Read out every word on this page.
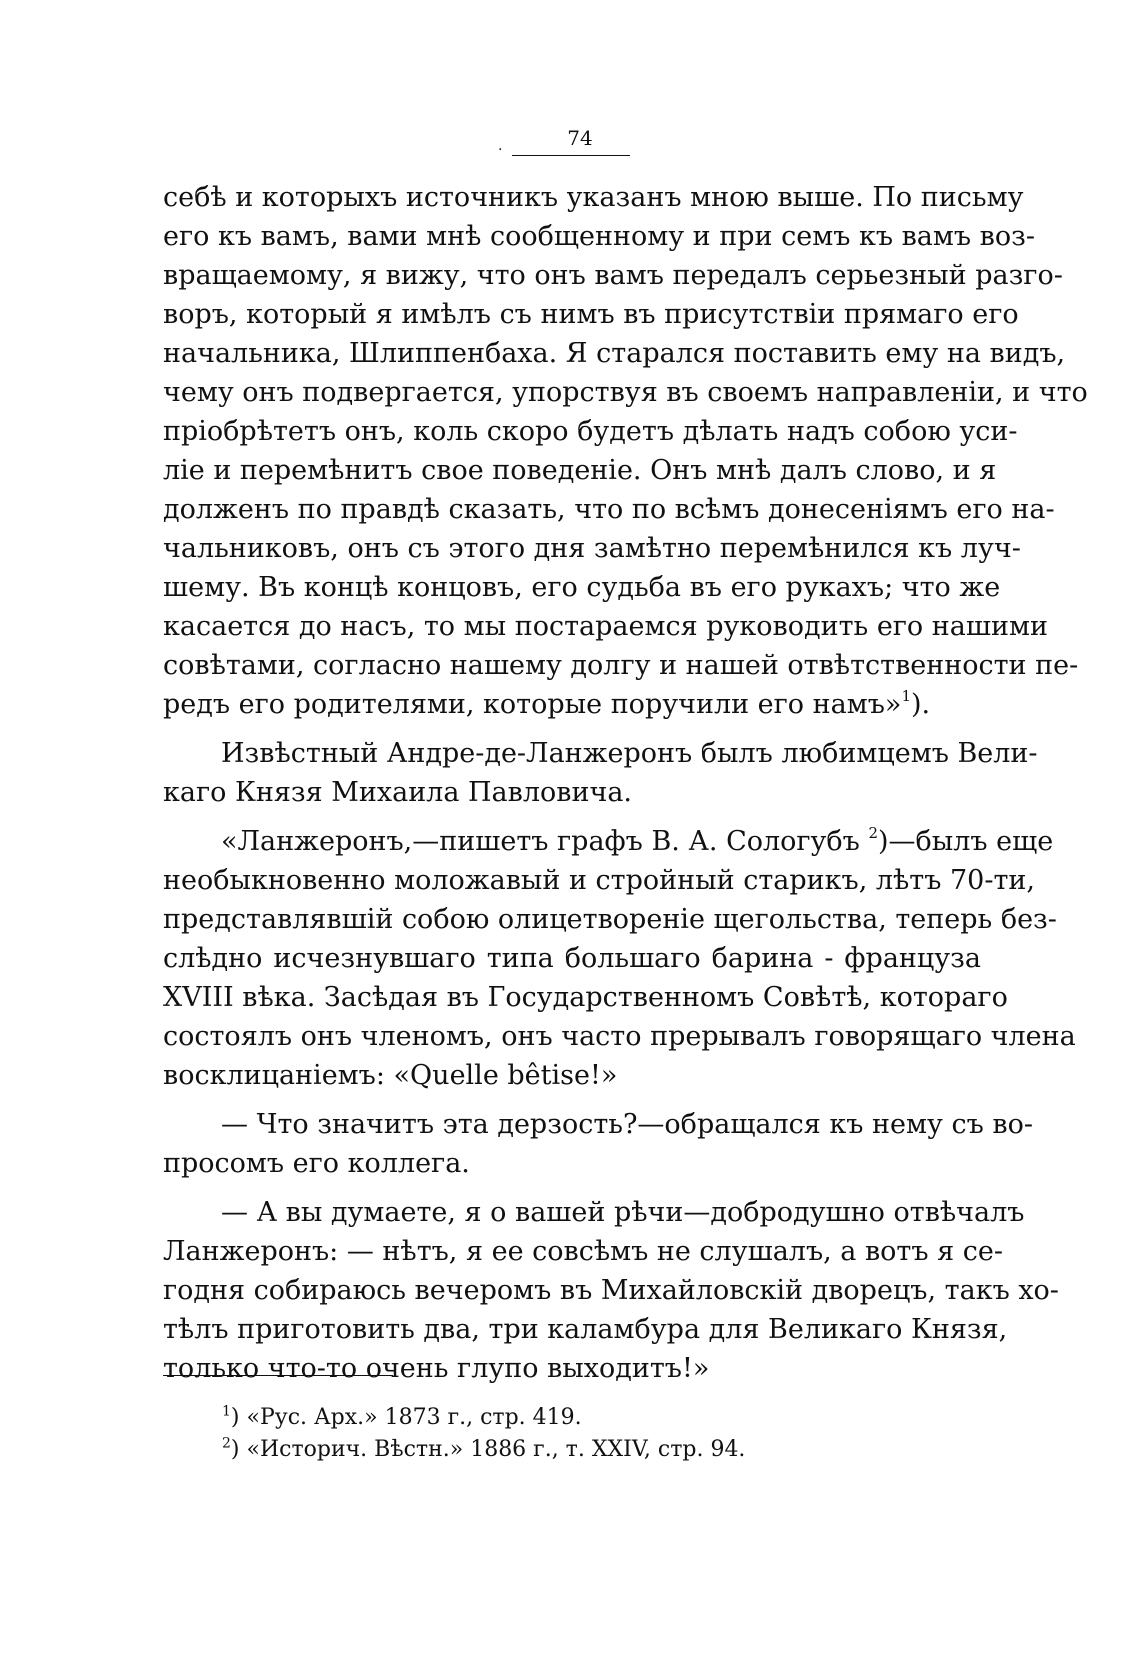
.	74
себѣ и которыхъ источникъ указанъ мною выше. По письму
его къ вамъ, вами мнѣ сообщенному и при семъ къ вамъ воз-
вращаемому, я вижу, что онъ вамъ передалъ серьезный разго-
воръ, который я имѣлъ съ нимъ въ присутствіи прямаго его
начальника, Шлиппенбаха. Я старался поставить ему на видъ,
чему онъ подвергается, упорствуя въ своемъ направленіи, и что
пріобрѣтетъ онъ, коль скоро будетъ дѣлать надъ собою уси-
ліе и перемѣнитъ свое поведеніе. Онъ мнѣ далъ слово, и я
долженъ по правдѣ сказать, что по всѣмъ донесеніямъ его на-
чальниковъ, онъ съ этого дня замѣтно перемѣнился къ луч-
шему. Въ концѣ концовъ, его судьба въ его рукахъ; что же
касается до насъ, то мы постараемся руководить его нашими
совѣтами, согласно нашему долгу и нашей отвѣтственности пе-
редъ его родителями, которые поручили его намъ»$^1$).
Извѣстный Андре-де-Ланжеронъ былъ любимцемъ Вели-
каго Князя Михаила Павловича.
«Ланжеронъ,—пишетъ графъ В. А. Сологубъ $^2$)—былъ еще
необыкновенно моложавый и стройный старикъ, лѣтъ 70-ти,
представлявшій собою олицетвореніе щегольства, теперь без-
слѣдно исчезнувшаго типа большаго барина - француза
XVIII вѣка. Засѣдая въ Государственномъ Совѣтѣ, котораго
состоялъ онъ членомъ, онъ часто прерывалъ говорящаго члена
восклицаніемъ: «Quelle bêtise!»
— Что значитъ эта дерзость?—обращался къ нему съ во-
просомъ его коллега.
— А вы думаете, я о вашей рѣчи—добродушно отвѣчалъ
Ланжеронъ: — нѣтъ, я ее совсѣмъ не слушалъ, а вотъ я се-
годня собираюсь вечеромъ въ Михайловскій дворецъ, такъ хо-
тѣлъ приготовить два, три каламбура для Великаго Князя,
только что-то очень глупо выходитъ!»
$^1$) «Рус. Арх.» 1873 г., стр. 419.
$^2$) «Историч. Вѣстн.» 1886 г., т. XXIV, стр. 94.
